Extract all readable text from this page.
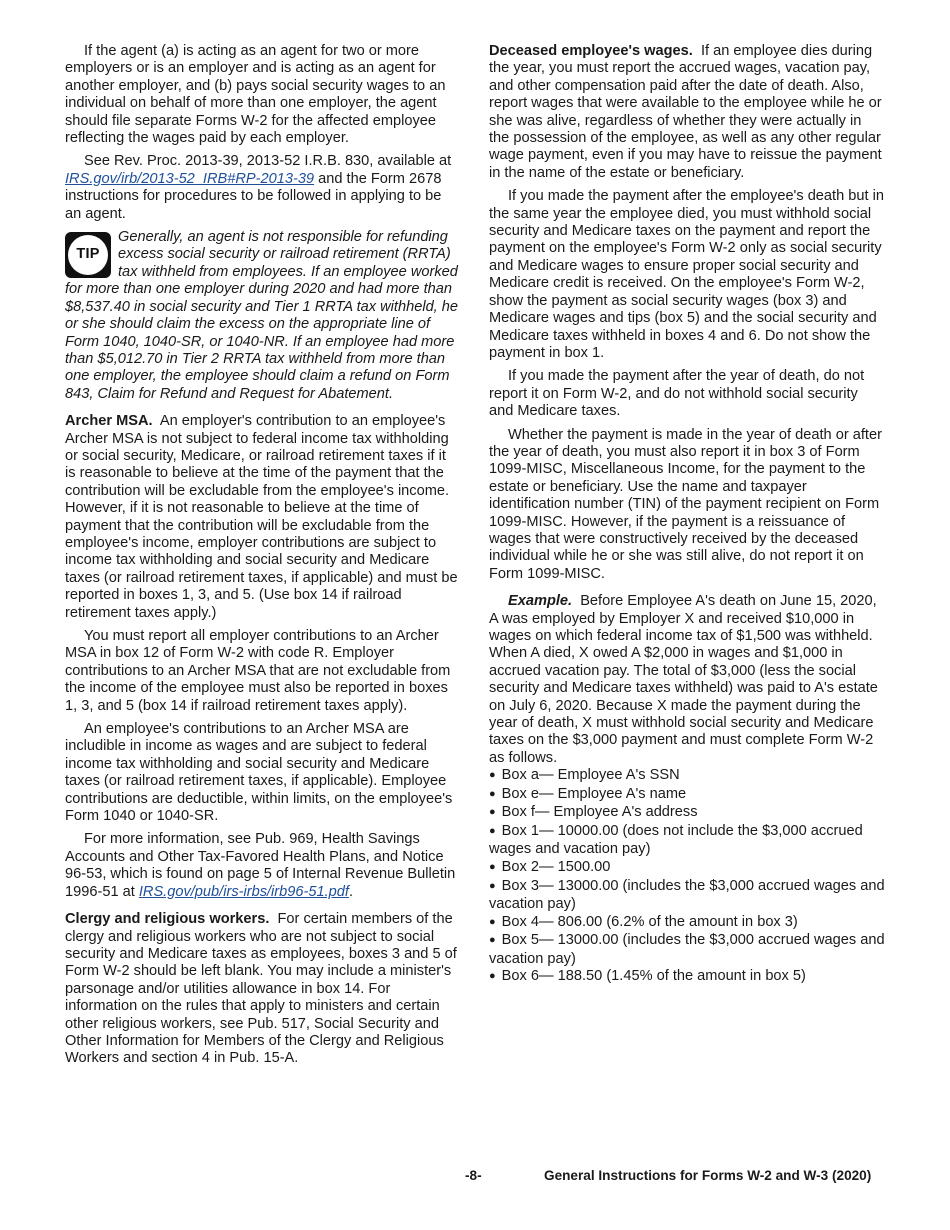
If the agent (a) is acting as an agent for two or more employers or is an employer and is acting as an agent for another employer, and (b) pays social security wages to an individual on behalf of more than one employer, the agent should file separate Forms W-2 for the affected employee reflecting the wages paid by each employer.

See Rev. Proc. 2013-39, 2013-52 I.R.B. 830, available at IRS.gov/irb/2013-52_IRB#RP-2013-39 and the Form 2678 instructions for procedures to be followed in applying to be an agent.

TIP
Generally, an agent is not responsible for refunding excess social security or railroad retirement (RRTA) tax withheld from employees. If an employee worked for more than one employer during 2020 and had more than $8,537.40 in social security and Tier 1 RRTA tax withheld, he or she should claim the excess on the appropriate line of Form 1040, 1040-SR, or 1040-NR. If an employee had more than $5,012.70 in Tier 2 RRTA tax withheld from more than one employer, the employee should claim a refund on Form 843, Claim for Refund and Request for Abatement.

Archer MSA. An employer's contribution to an employee's Archer MSA is not subject to federal income tax withholding or social security, Medicare, or railroad retirement taxes if it is reasonable to believe at the time of the payment that the contribution will be excludable from the employee's income. However, if it is not reasonable to believe at the time of payment that the contribution will be excludable from the employee's income, employer contributions are subject to income tax withholding and social security and Medicare taxes (or railroad retirement taxes, if applicable) and must be reported in boxes 1, 3, and 5. (Use box 14 if railroad retirement taxes apply.)

You must report all employer contributions to an Archer MSA in box 12 of Form W-2 with code R. Employer contributions to an Archer MSA that are not excludable from the income of the employee must also be reported in boxes 1, 3, and 5 (box 14 if railroad retirement taxes apply).

An employee's contributions to an Archer MSA are includible in income as wages and are subject to federal income tax withholding and social security and Medicare taxes (or railroad retirement taxes, if applicable). Employee contributions are deductible, within limits, on the employee's Form 1040 or 1040-SR.

For more information, see Pub. 969, Health Savings Accounts and Other Tax-Favored Health Plans, and Notice 96-53, which is found on page 5 of Internal Revenue Bulletin 1996-51 at IRS.gov/pub/irs-irbs/irb96-51.pdf.

Clergy and religious workers. For certain members of the clergy and religious workers who are not subject to social security and Medicare taxes as employees, boxes 3 and 5 of Form W-2 should be left blank. You may include a minister's parsonage and/or utilities allowance in box 14. For information on the rules that apply to ministers and certain other religious workers, see Pub. 517, Social Security and Other Information for Members of the Clergy and Religious Workers and section 4 in Pub. 15-A.

Deceased employee's wages. If an employee dies during the year, you must report the accrued wages, vacation pay, and other compensation paid after the date of death. Also, report wages that were available to the employee while he or she was alive, regardless of whether they were actually in the possession of the employee, as well as any other regular wage payment, even if you may have to reissue the payment in the name of the estate or beneficiary.

If you made the payment after the employee's death but in the same year the employee died, you must withhold social security and Medicare taxes on the payment and report the payment on the employee's Form W-2 only as social security and Medicare wages to ensure proper social security and Medicare credit is received. On the employee's Form W-2, show the payment as social security wages (box 3) and Medicare wages and tips (box 5) and the social security and Medicare taxes withheld in boxes 4 and 6. Do not show the payment in box 1.

If you made the payment after the year of death, do not report it on Form W-2, and do not withhold social security and Medicare taxes.

Whether the payment is made in the year of death or after the year of death, you must also report it in box 3 of Form 1099-MISC, Miscellaneous Income, for the payment to the estate or beneficiary. Use the name and taxpayer identification number (TIN) of the payment recipient on Form 1099-MISC. However, if the payment is a reissuance of wages that were constructively received by the deceased individual while he or she was still alive, do not report it on Form 1099-MISC.

Example. Before Employee A's death on June 15, 2020, A was employed by Employer X and received $10,000 in wages on which federal income tax of $1,500 was withheld. When A died, X owed A $2,000 in wages and $1,000 in accrued vacation pay. The total of $3,000 (less the social security and Medicare taxes withheld) was paid to A's estate on July 6, 2020. Because X made the payment during the year of death, X must withhold social security and Medicare taxes on the $3,000 payment and must complete Form W-2 as follows.

● Box a— Employee A's SSN
● Box e— Employee A's name
● Box f— Employee A's address
● Box 1— 10000.00 (does not include the $3,000 accrued wages and vacation pay)
● Box 2— 1500.00
● Box 3— 13000.00 (includes the $3,000 accrued wages and vacation pay)
● Box 4— 806.00 (6.2% of the amount in box 3)
● Box 5— 13000.00 (includes the $3,000 accrued wages and vacation pay)
● Box 6— 188.50 (1.45% of the amount in box 5)
-8-	General Instructions for Forms W-2 and W-3 (2020)
